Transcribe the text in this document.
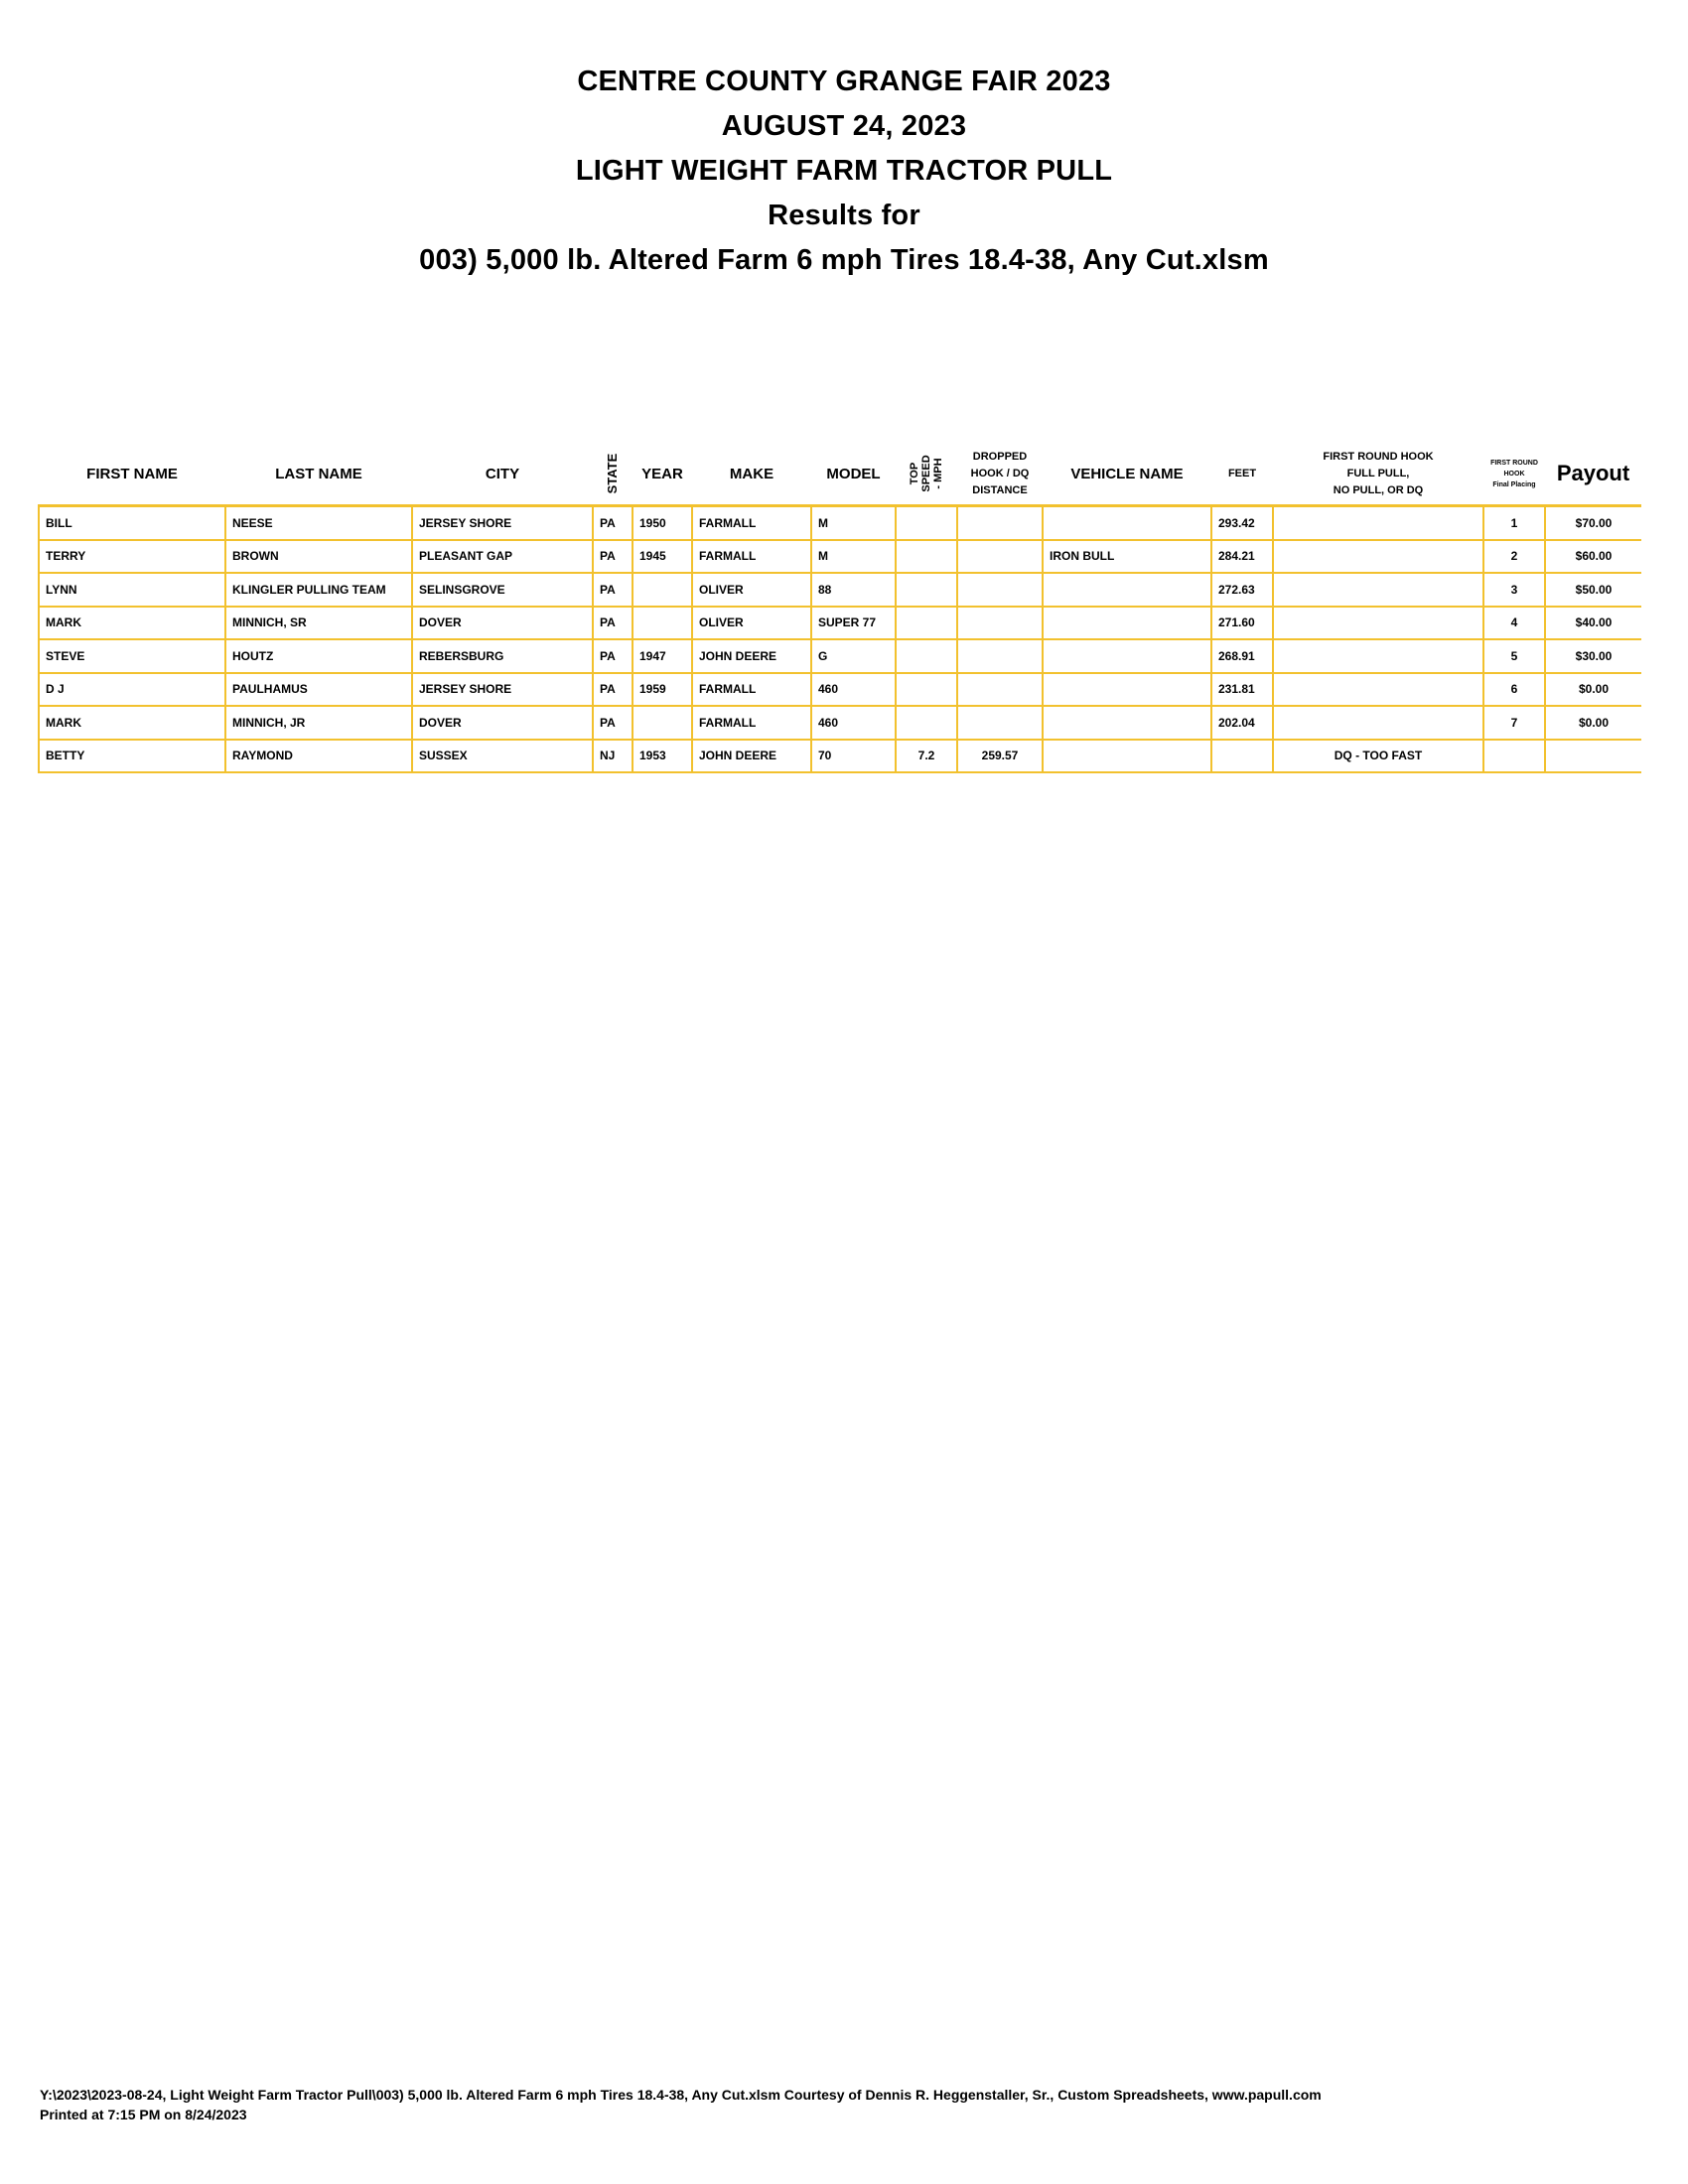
CENTRE COUNTY GRANGE FAIR 2023
AUGUST 24, 2023
LIGHT WEIGHT FARM TRACTOR PULL
Results for
003) 5,000 lb. Altered Farm 6 mph Tires 18.4-38, Any Cut.xlsm
FIRST NAME	LAST NAME	CITY	STATE	YEAR	MAKE	MODEL	TOP
SPEED
- MPH	DROPPED
HOOK / DQ
DISTANCE	VEHICLE NAME	FEET	FIRST ROUND HOOK
FULL PULL,
NO PULL, OR DQ	FIRST ROUND
HOOK
Final Placing	Payout
BILL	NEESE	JERSEY SHORE	PA	1950	FARMALL	M				293.42		1	$70.00
TERRY	BROWN	PLEASANT GAP	PA	1945	FARMALL	M			IRON BULL	284.21		2	$60.00
LYNN	KLINGLER PULLING TEAM	SELINSGROVE	PA		OLIVER	88				272.63		3	$50.00
MARK	MINNICH, SR	DOVER	PA		OLIVER	SUPER 77				271.60		4	$40.00
STEVE	HOUTZ	REBERSBURG	PA	1947	JOHN DEERE	G				268.91		5	$30.00
D J	PAULHAMUS	JERSEY SHORE	PA	1959	FARMALL	460				231.81		6	$0.00
MARK	MINNICH, JR	DOVER	PA		FARMALL	460				202.04		7	$0.00
BETTY	RAYMOND	SUSSEX	NJ	1953	JOHN DEERE	70	7.2	259.57			DQ - TOO FAST		
Y:\2023\2023-08-24, Light Weight Farm Tractor Pull\003) 5,000 lb. Altered Farm 6 mph Tires 18.4-38, Any Cut.xlsm Courtesy of Dennis R. Heggenstaller, Sr., Custom Spreadsheets, www.papull.com
Printed at 7:15 PM on 8/24/2023
